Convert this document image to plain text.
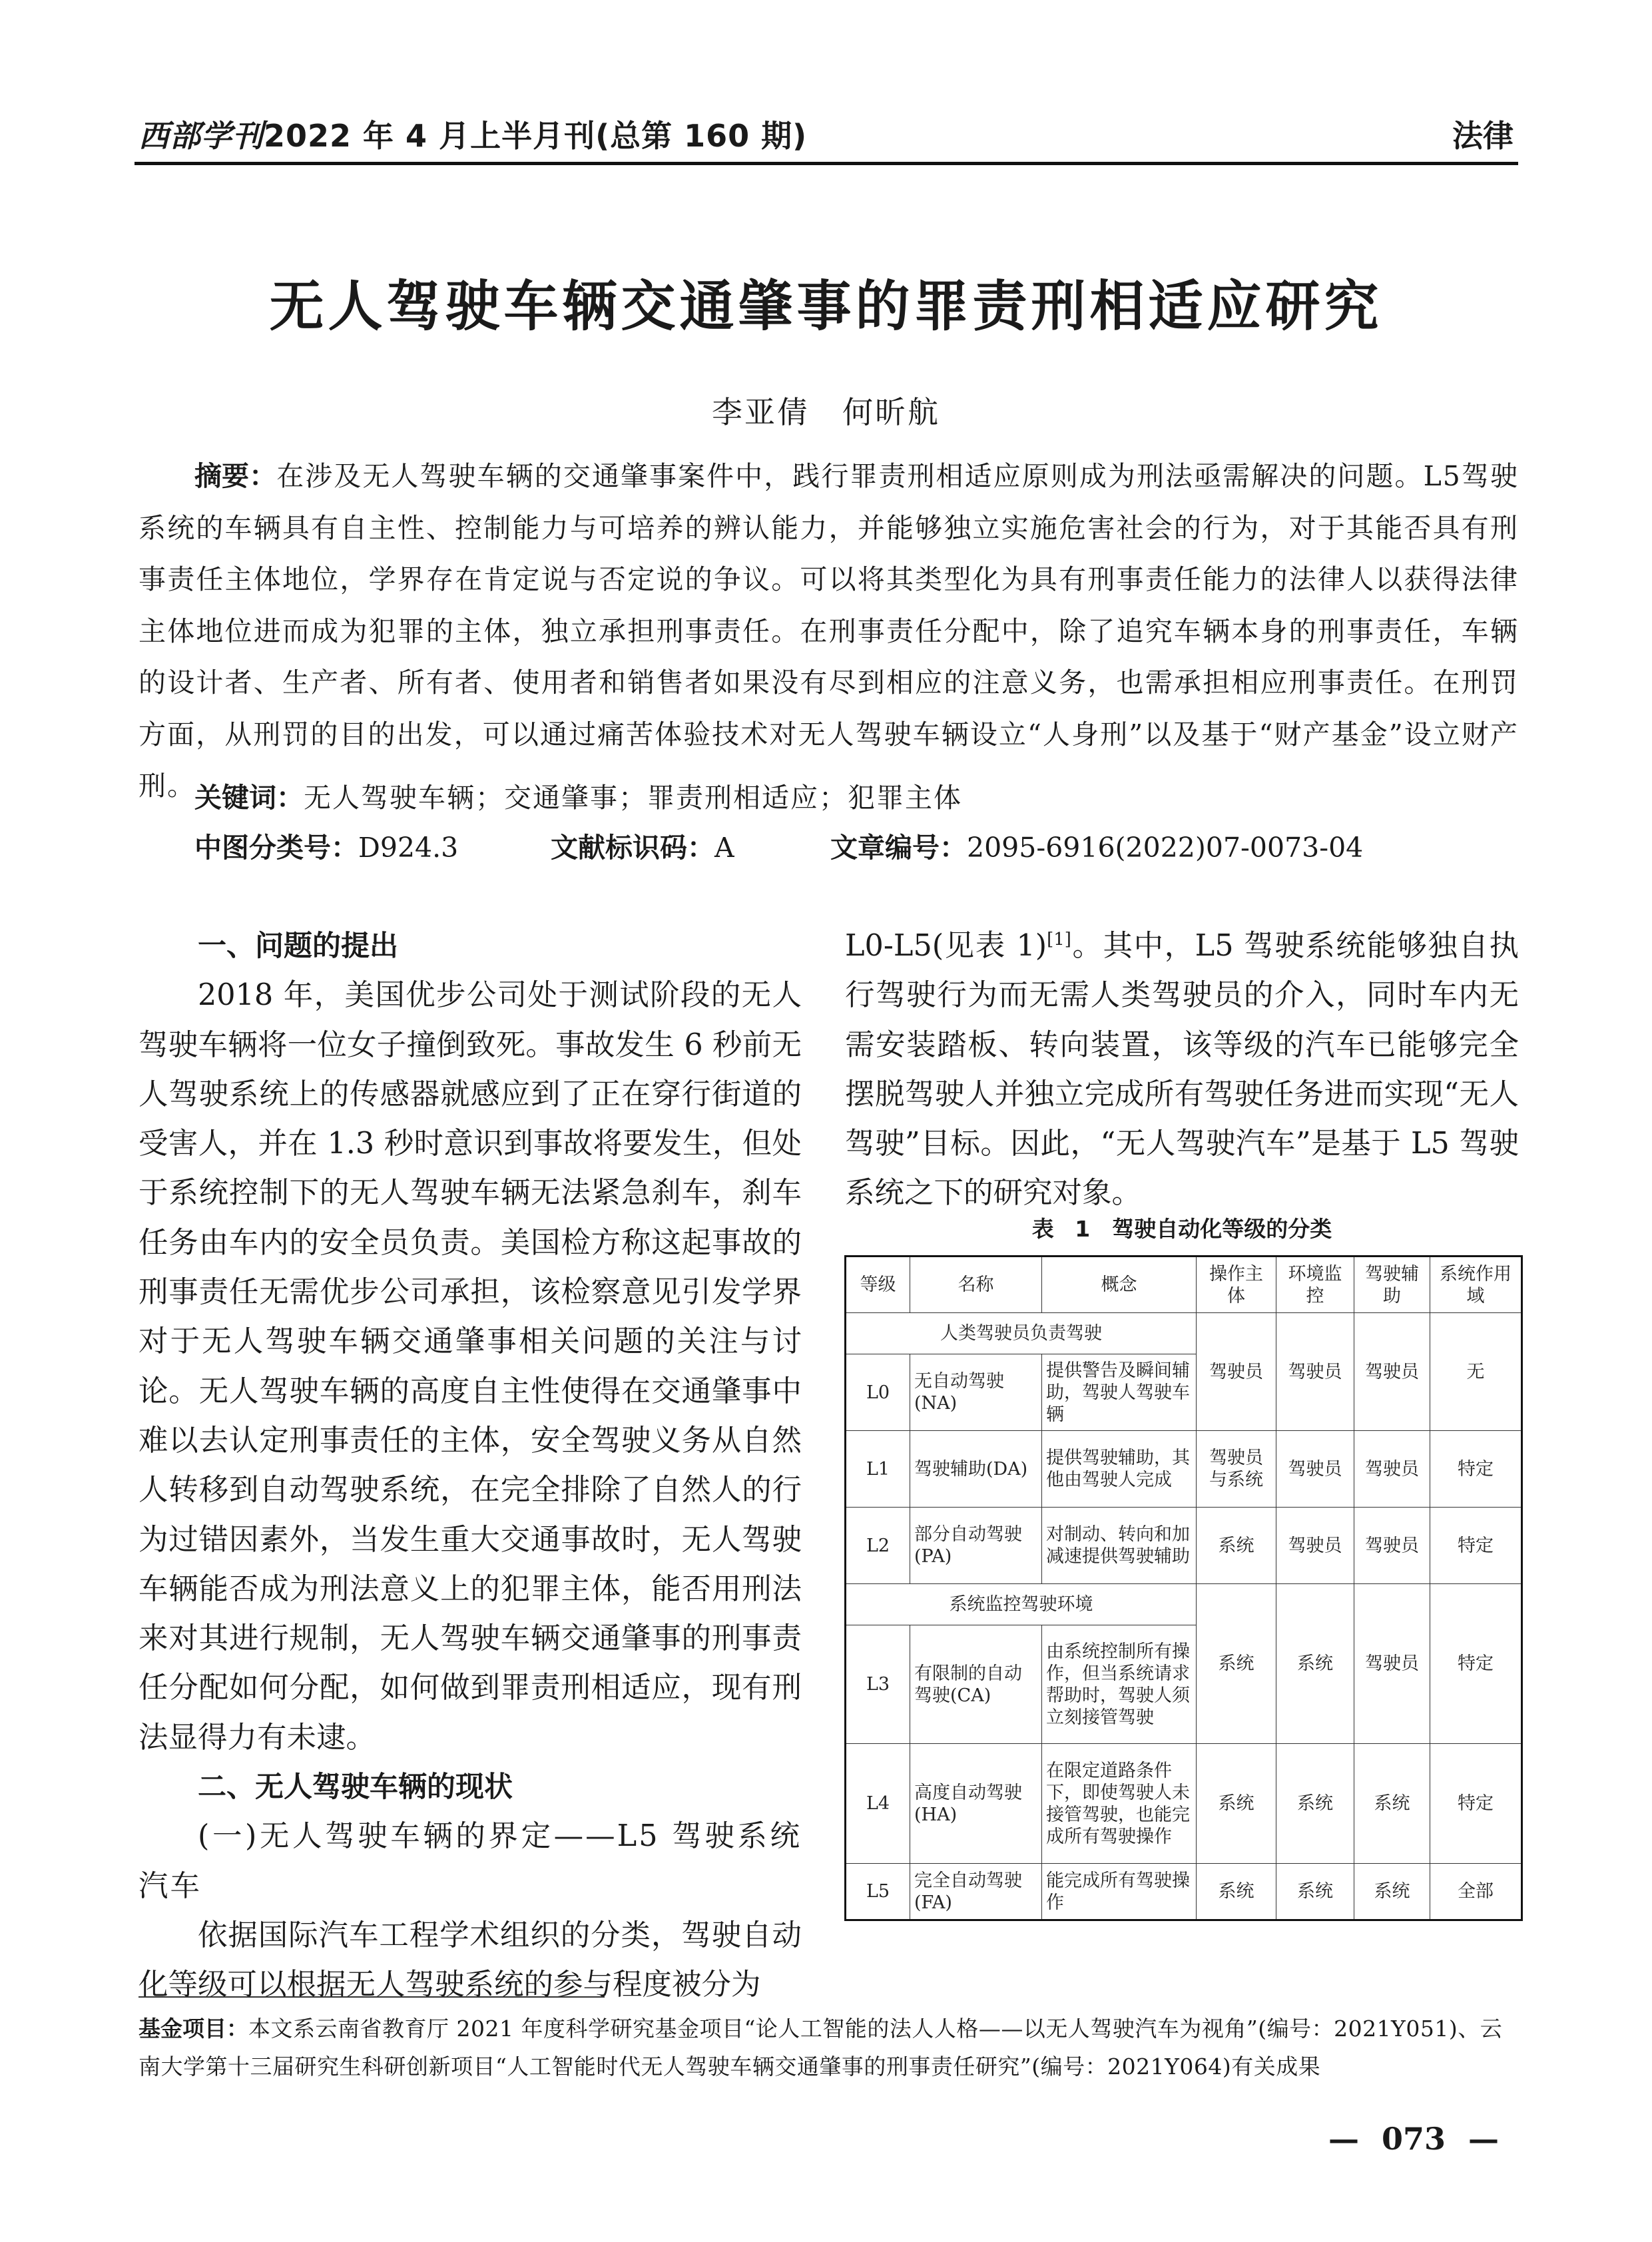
西部学刊2022 年 4 月上半月刊(总第 160 期)	法律
无人驾驶车辆交通肇事的罪责刑相适应研究
李亚倩　何昕航
摘要：在涉及无人驾驶车辆的交通肇事案件中，践行罪责刑相适应原则成为刑法亟需解决的问题。L5驾驶系统的车辆具有自主性、控制能力与可培养的辨认能力，并能够独立实施危害社会的行为，对于其能否具有刑事责任主体地位，学界存在肯定说与否定说的争议。可以将其类型化为具有刑事责任能力的法律人以获得法律主体地位进而成为犯罪的主体，独立承担刑事责任。在刑事责任分配中，除了追究车辆本身的刑事责任，车辆的设计者、生产者、所有者、使用者和销售者如果没有尽到相应的注意义务，也需承担相应刑事责任。在刑罚方面，从刑罚的目的出发，可以通过痛苦体验技术对无人驾驶车辆设立“人身刑”以及基于“财产基金”设立财产刑。
关键词：无人驾驶车辆；交通肇事；罪责刑相适应；犯罪主体
中图分类号：D924.3	文献标识码：A	文章编号：2095-6916(2022)07-0073-04
一、问题的提出

2018 年，美国优步公司处于测试阶段的无人驾驶车辆将一位女子撞倒致死。事故发生 6 秒前无人驾驶系统上的传感器就感应到了正在穿行街道的受害人，并在 1.3 秒时意识到事故将要发生，但处于系统控制下的无人驾驶车辆无法紧急刹车，刹车任务由车内的安全员负责。美国检方称这起事故的刑事责任无需优步公司承担，该检察意见引发学界对于无人驾驶车辆交通肇事相关问题的关注与讨论。无人驾驶车辆的高度自主性使得在交通肇事中难以去认定刑事责任的主体，安全驾驶义务从自然人转移到自动驾驶系统，在完全排除了自然人的行为过错因素外，当发生重大交通事故时，无人驾驶车辆能否成为刑法意义上的犯罪主体，能否用刑法来对其进行规制，无人驾驶车辆交通肇事的刑事责任分配如何分配，如何做到罪责刑相适应，现有刑法显得力有未逮。

二、无人驾驶车辆的现状
(一)无人驾驶车辆的界定——L5 驾驶系统汽车

依据国际汽车工程学术组织的分类，驾驶自动化等级可以根据无人驾驶系统的参与程度被分为

L0-L5(见表 1)[1]。其中，L5 驾驶系统能够独自执行驾驶行为而无需人类驾驶员的介入，同时车内无需安装踏板、转向装置，该等级的汽车已能够完全摆脱驾驶人并独立完成所有驾驶任务进而实现“无人驾驶”目标。因此，“无人驾驶汽车”是基于 L5 驾驶系统之下的研究对象。

表 1　驾驶自动化等级的分类
等级	名称	概念	操作主体	环境监控	驾驶辅助	系统作用域
人类驾驶员负责驾驶			驾驶员	驾驶员	驾驶员	无
L0	无自动驾驶(NA)	提供警告及瞬间辅助，驾驶人驾驶车辆				
L1	驾驶辅助(DA)	提供驾驶辅助，其他由驾驶人完成	驾驶员与系统	驾驶员	驾驶员	特定
L2	部分自动驾驶(PA)	对制动、转向和加减速提供驾驶辅助	系统	驾驶员	驾驶员	特定
系统监控驾驶环境			系统	系统	驾驶员	特定
L3	有限制的自动驾驶(CA)	由系统控制所有操作，但当系统请求帮助时，驾驶人须立刻接管驾驶				
L4	高度自动驾驶(HA)	在限定道路条件下，即使驾驶人未接管驾驶，也能完成所有驾驶操作	系统	系统	系统	特定
L5	完全自动驾驶(FA)	能完成所有驾驶操作	系统	系统	系统	全部
基金项目：本文系云南省教育厅 2021 年度科学研究基金项目“论人工智能的法人人格——以无人驾驶汽车为视角”(编号：2021Y051)、云南大学第十三届研究生科研创新项目“人工智能时代无人驾驶车辆交通肇事的刑事责任研究”(编号：2021Y064)有关成果
— 073 —
